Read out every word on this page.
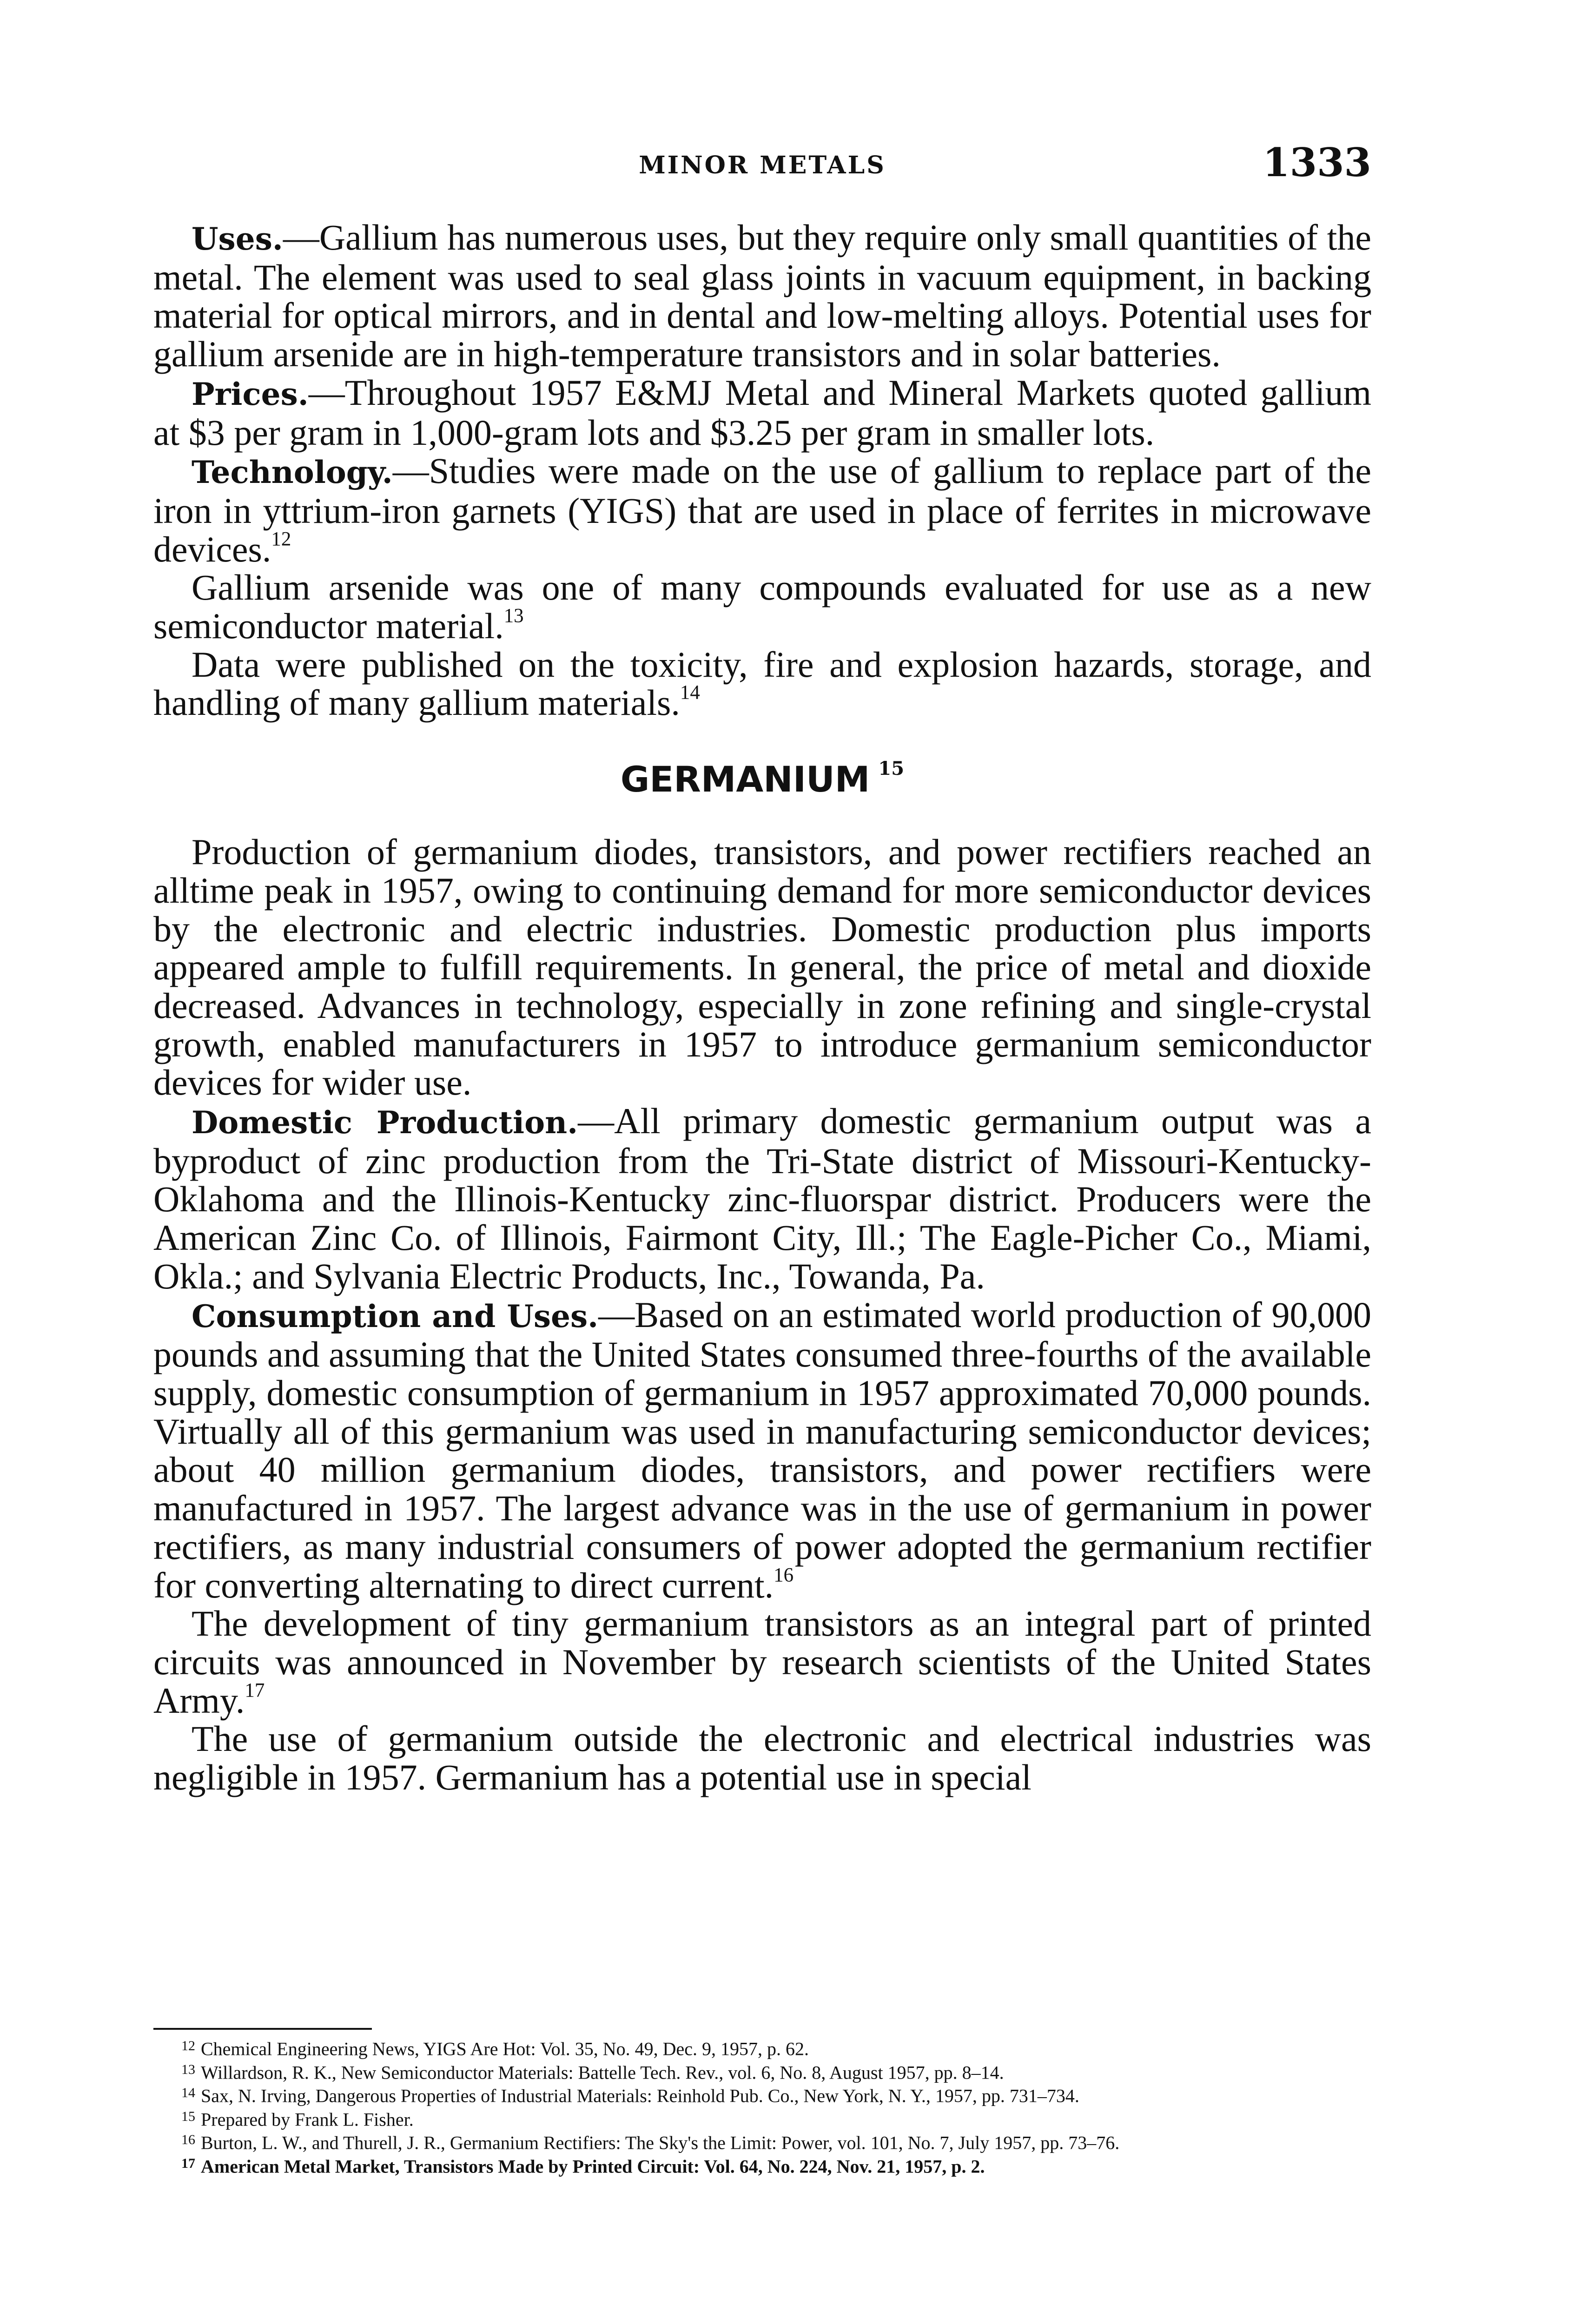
MINOR METALS	1333

Uses.—Gallium has numerous uses, but they require only small quantities of the metal. The element was used to seal glass joints in vacuum equipment, in backing material for optical mirrors, and in dental and low-melting alloys. Potential uses for gallium arsenide are in high-temperature transistors and in solar batteries.

Prices.—Throughout 1957 E&MJ Metal and Mineral Markets quoted gallium at $3 per gram in 1,000-gram lots and $3.25 per gram in smaller lots.

Technology.—Studies were made on the use of gallium to replace part of the iron in yttrium-iron garnets (YIGS) that are used in place of ferrites in microwave devices.$^{12}$

Gallium arsenide was one of many compounds evaluated for use as a new semiconductor material.$^{13}$

Data were published on the toxicity, fire and explosion hazards, storage, and handling of many gallium materials.$^{14}$

GERMANIUM $^{15}$

Production of germanium diodes, transistors, and power rectifiers reached an alltime peak in 1957, owing to continuing demand for more semiconductor devices by the electronic and electric industries. Domestic production plus imports appeared ample to fulfill requirements. In general, the price of metal and dioxide decreased. Advances in technology, especially in zone refining and single-crystal growth, enabled manufacturers in 1957 to introduce germanium semiconductor devices for wider use.

Domestic Production.—All primary domestic germanium output was a byproduct of zinc production from the Tri-State district of Missouri-Kentucky-Oklahoma and the Illinois-Kentucky zinc-fluorspar district. Producers were the American Zinc Co. of Illinois, Fairmont City, Ill.; The Eagle-Picher Co., Miami, Okla.; and Sylvania Electric Products, Inc., Towanda, Pa.

Consumption and Uses.—Based on an estimated world production of 90,000 pounds and assuming that the United States consumed three-fourths of the available supply, domestic consumption of germanium in 1957 approximated 70,000 pounds. Virtually all of this germanium was used in manufacturing semiconductor devices; about 40 million germanium diodes, transistors, and power rectifiers were manufactured in 1957. The largest advance was in the use of germanium in power rectifiers, as many industrial consumers of power adopted the germanium rectifier for converting alternating to direct current.$^{16}$

The development of tiny germanium transistors as an integral part of printed circuits was announced in November by research scientists of the United States Army.$^{17}$

The use of germanium outside the electronic and electrical industries was negligible in 1957. Germanium has a potential use in special

$^{12}$ Chemical Engineering News, YIGS Are Hot: Vol. 35, No. 49, Dec. 9, 1957, p. 62.

$^{13}$ Willardson, R. K., New Semiconductor Materials: Battelle Tech. Rev., vol. 6, No. 8, August 1957, pp. 8–14.

$^{14}$ Sax, N. Irving, Dangerous Properties of Industrial Materials: Reinhold Pub. Co., New York, N. Y., 1957, pp. 731–734.

$^{15}$ Prepared by Frank L. Fisher.

$^{16}$ Burton, L. W., and Thurell, J. R., Germanium Rectifiers: The Sky's the Limit: Power, vol. 101, No. 7, July 1957, pp. 73–76.

$^{17}$ American Metal Market, Transistors Made by Printed Circuit: Vol. 64, No. 224, Nov. 21, 1957, p. 2.
